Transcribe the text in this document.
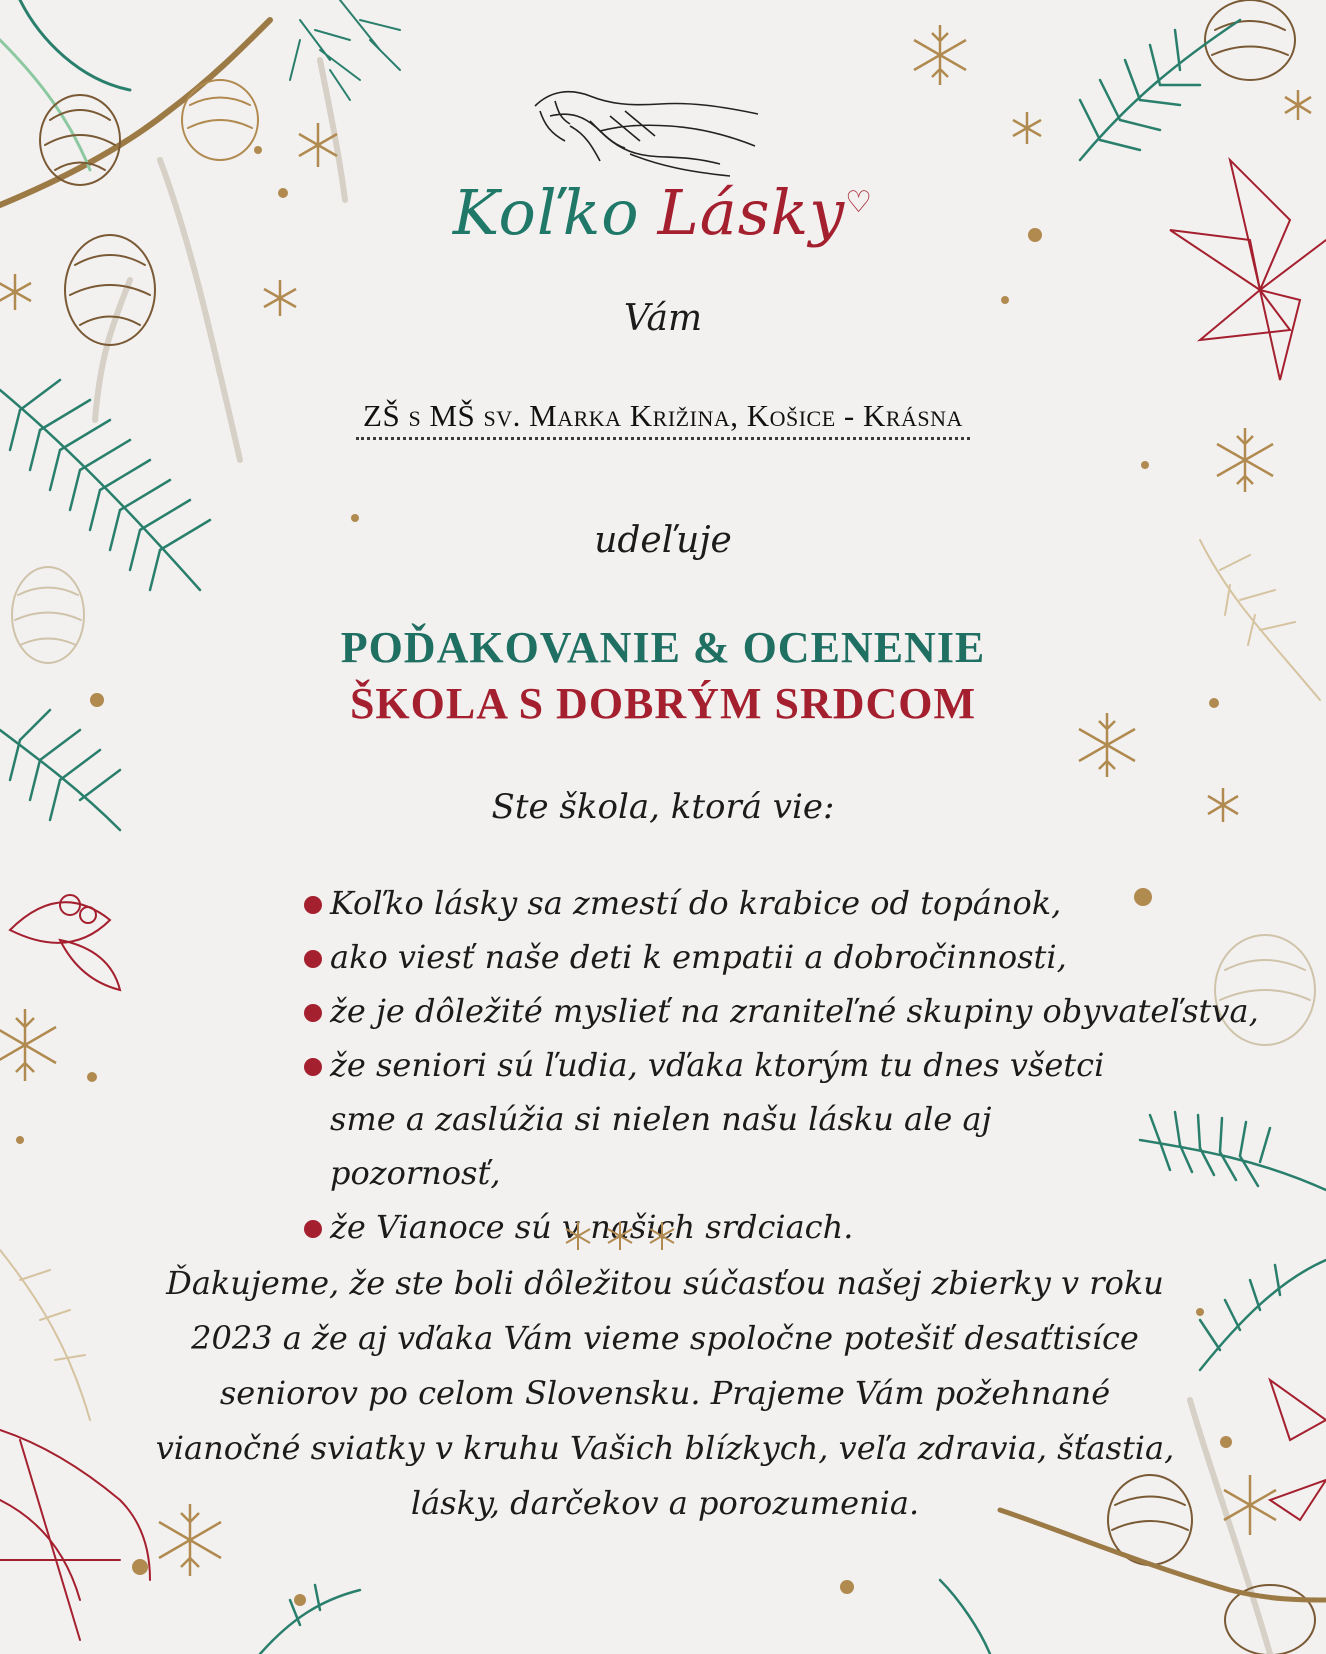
Koľko Lásky♡
Vám
ZŠ s MŠ sv. Marka Križina, Košice - Krásna
udeľuje
POĎAKOVANIE & OCENENIE
ŠKOLA S DOBRÝM SRDCOM
Ste škola, ktorá vie:
Koľko lásky sa zmestí do krabice od topánok,
ako viesť naše deti k empatii a dobročinnosti,
že je dôležité myslieť na zraniteľné skupiny obyvateľstva,
že seniori sú ľudia, vďaka ktorým tu dnes všetci sme a zaslúžia si nielen našu lásku ale aj pozornosť,
že Vianoce sú v našich srdciach.
Ďakujeme, že ste boli dôležitou súčasťou našej zbierky v roku 2023 a že aj vďaka Vám vieme spoločne potešiť desaťtisíce seniorov po celom Slovensku. Prajeme Vám požehnané vianočné sviatky v kruhu Vašich blízkych, veľa zdravia, šťastia, lásky, darčekov a porozumenia.
